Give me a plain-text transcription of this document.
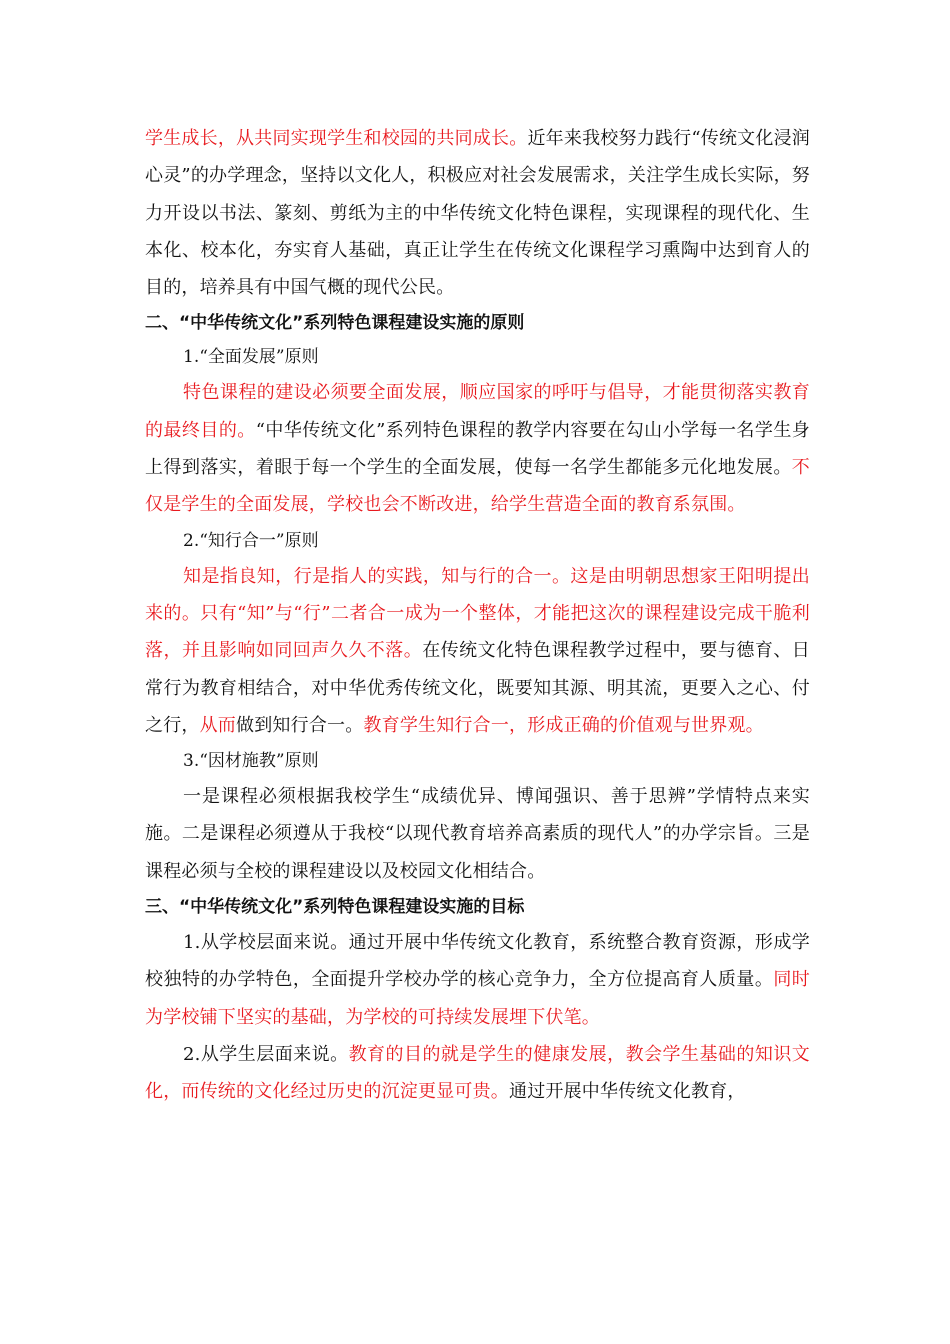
学生成长，从共同实现学生和校园的共同成长。近年来我校努力践行“传统文化浸润心灵”的办学理念，坚持以文化人，积极应对社会发展需求，关注学生成长实际，努力开设以书法、篆刻、剪纸为主的中华传统文化特色课程，实现课程的现代化、生本化、校本化，夯实育人基础，真正让学生在传统文化课程学习熏陶中达到育人的目的，培养具有中国气概的现代公民。

二、“中华传统文化”系列特色课程建设实施的原则

1.“全面发展”原则

特色课程的建设必须要全面发展，顺应国家的呼吁与倡导，才能贯彻落实教育的最终目的。“中华传统文化”系列特色课程的教学内容要在勾山小学每一名学生身上得到落实，着眼于每一个学生的全面发展，使每一名学生都能多元化地发展。不仅是学生的全面发展，学校也会不断改进，给学生营造全面的教育系氛围。

2.“知行合一”原则

知是指良知，行是指人的实践，知与行的合一。这是由明朝思想家王阳明提出来的。只有“知”与“行”二者合一成为一个整体，才能把这次的课程建设完成干脆利落，并且影响如同回声久久不落。在传统文化特色课程教学过程中，要与德育、日常行为教育相结合，对中华优秀传统文化，既要知其源、明其流，更要入之心、付之行，从而做到知行合一。教育学生知行合一，形成正确的价值观与世界观。

3.“因材施教”原则

一是课程必须根据我校学生“成绩优异、博闻强识、善于思辨”学情特点来实施。二是课程必须遵从于我校“以现代教育培养高素质的现代人”的办学宗旨。三是课程必须与全校的课程建设以及校园文化相结合。

三、“中华传统文化”系列特色课程建设实施的目标

1.从学校层面来说。通过开展中华传统文化教育，系统整合教育资源，形成学校独特的办学特色，全面提升学校办学的核心竞争力，全方位提高育人质量。同时为学校铺下坚实的基础，为学校的可持续发展埋下伏笔。

2.从学生层面来说。教育的目的就是学生的健康发展，教会学生基础的知识文化，而传统的文化经过历史的沉淀更显可贵。通过开展中华传统文化教育，
